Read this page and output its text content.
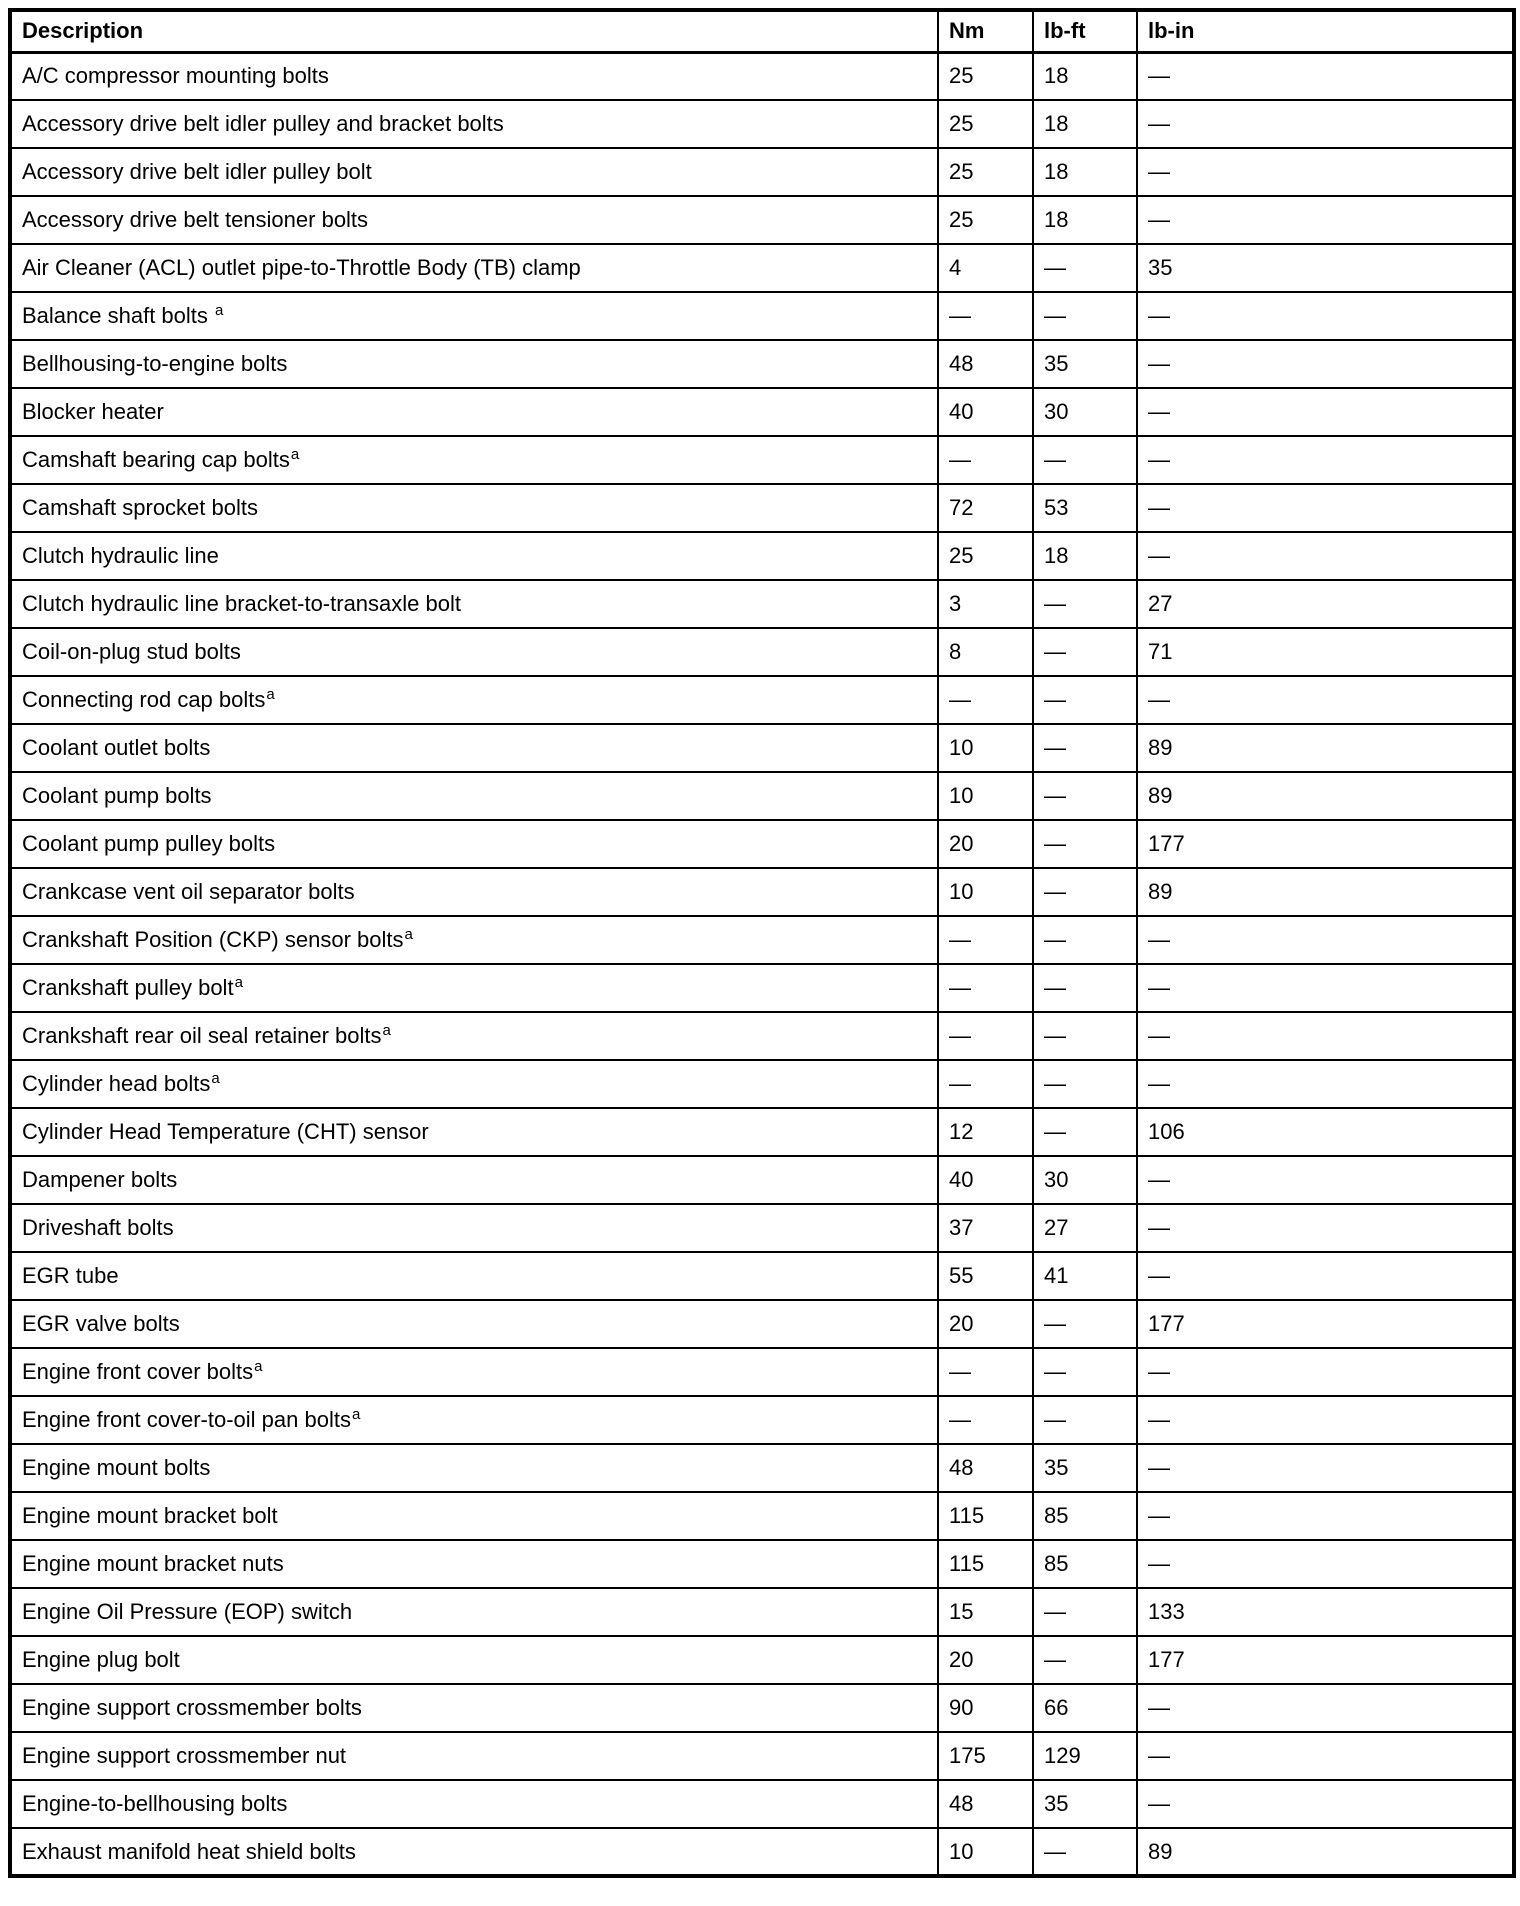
Description	Nm	lb-ft	lb-in
A/C compressor mounting bolts	25	18	—
Accessory drive belt idler pulley and bracket bolts	25	18	—
Accessory drive belt idler pulley bolt	25	18	—
Accessory drive belt tensioner bolts	25	18	—
Air Cleaner (ACL) outlet pipe-to-Throttle Body (TB) clamp	4	—	35
Balance shaft bolts $^a$	—	—	—
Bellhousing-to-engine bolts	48	35	—
Blocker heater	40	30	—
Camshaft bearing cap bolts$^a$	—	—	—
Camshaft sprocket bolts	72	53	—
Clutch hydraulic line	25	18	—
Clutch hydraulic line bracket-to-transaxle bolt	3	—	27
Coil-on-plug stud bolts	8	—	71
Connecting rod cap bolts$^a$	—	—	—
Coolant outlet bolts	10	—	89
Coolant pump bolts	10	—	89
Coolant pump pulley bolts	20	—	177
Crankcase vent oil separator bolts	10	—	89
Crankshaft Position (CKP) sensor bolts$^a$	—	—	—
Crankshaft pulley bolt$^a$	—	—	—
Crankshaft rear oil seal retainer bolts$^a$	—	—	—
Cylinder head bolts$^a$	—	—	—
Cylinder Head Temperature (CHT) sensor	12	—	106
Dampener bolts	40	30	—
Driveshaft bolts	37	27	—
EGR tube	55	41	—
EGR valve bolts	20	—	177
Engine front cover bolts$^a$	—	—	—
Engine front cover-to-oil pan bolts$^a$	—	—	—
Engine mount bolts	48	35	—
Engine mount bracket bolt	115	85	—
Engine mount bracket nuts	115	85	—
Engine Oil Pressure (EOP) switch	15	—	133
Engine plug bolt	20	—	177
Engine support crossmember bolts	90	66	—
Engine support crossmember nut	175	129	—
Engine-to-bellhousing bolts	48	35	—
Exhaust manifold heat shield bolts	10	—	89
